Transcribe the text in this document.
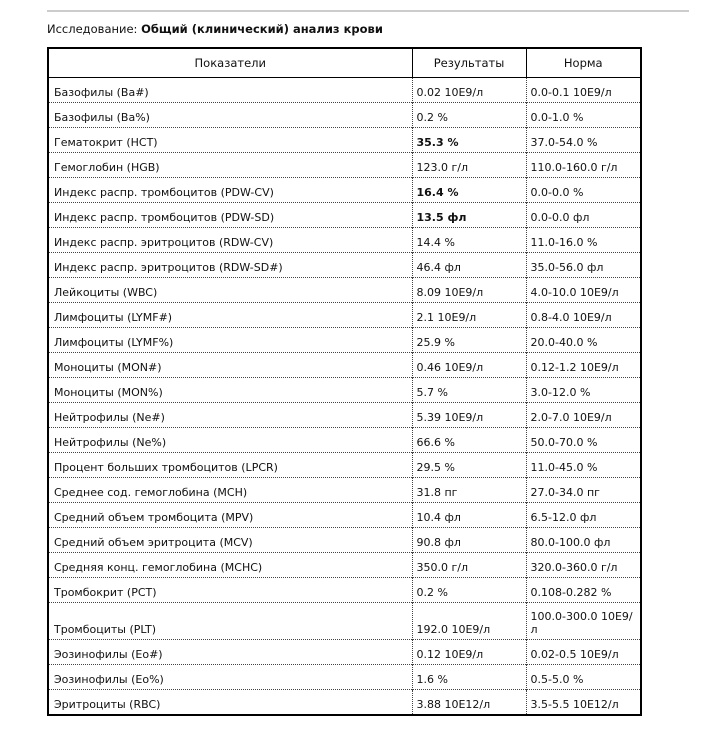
Исследование: Общий (клинический) анализ крови
Показатели	Результаты	Норма
Базофилы (Ba#)	0.02 10E9/л	0.0-0.1 10E9/л
Базофилы (Ba%)	0.2 %	0.0-1.0 %
Гематокрит (HCT)	35.3 %	37.0-54.0 %
Гемоглобин (HGB)	123.0 г/л	110.0-160.0 г/л
Индекс распр. тромбоцитов (PDW-CV)	16.4 %	0.0-0.0 %
Индекс распр. тромбоцитов (PDW-SD)	13.5 фл	0.0-0.0 фл
Индекс распр. эритроцитов (RDW-CV)	14.4 %	11.0-16.0 %
Индекс распр. эритроцитов (RDW-SD#)	46.4 фл	35.0-56.0 фл
Лейкоциты (WBC)	8.09 10E9/л	4.0-10.0 10E9/л
Лимфоциты (LYMF#)	2.1 10E9/л	0.8-4.0 10E9/л
Лимфоциты (LYMF%)	25.9 %	20.0-40.0 %
Моноциты (MON#)	0.46 10E9/л	0.12-1.2 10E9/л
Моноциты (MON%)	5.7 %	3.0-12.0 %
Нейтрофилы (Ne#)	5.39 10E9/л	2.0-7.0 10E9/л
Нейтрофилы (Ne%)	66.6 %	50.0-70.0 %
Процент больших тромбоцитов (LPCR)	29.5 %	11.0-45.0 %
Среднее сод. гемоглобина (MCH)	31.8 пг	27.0-34.0 пг
Средний объем тромбоцита (MPV)	10.4 фл	6.5-12.0 фл
Средний объем эритроцита (MCV)	90.8 фл	80.0-100.0 фл
Средняя конц. гемоглобина (MCHC)	350.0 г/л	320.0-360.0 г/л
Тромбокрит (PCT)	0.2 %	0.108-0.282 %
Тромбоциты (PLT)	192.0 10E9/л	100.0-300.0 10E9/л
Эозинофилы (Eo#)	0.12 10E9/л	0.02-0.5 10E9/л
Эозинофилы (Eo%)	1.6 %	0.5-5.0 %
Эритроциты (RBC)	3.88 10E12/л	3.5-5.5 10E12/л
